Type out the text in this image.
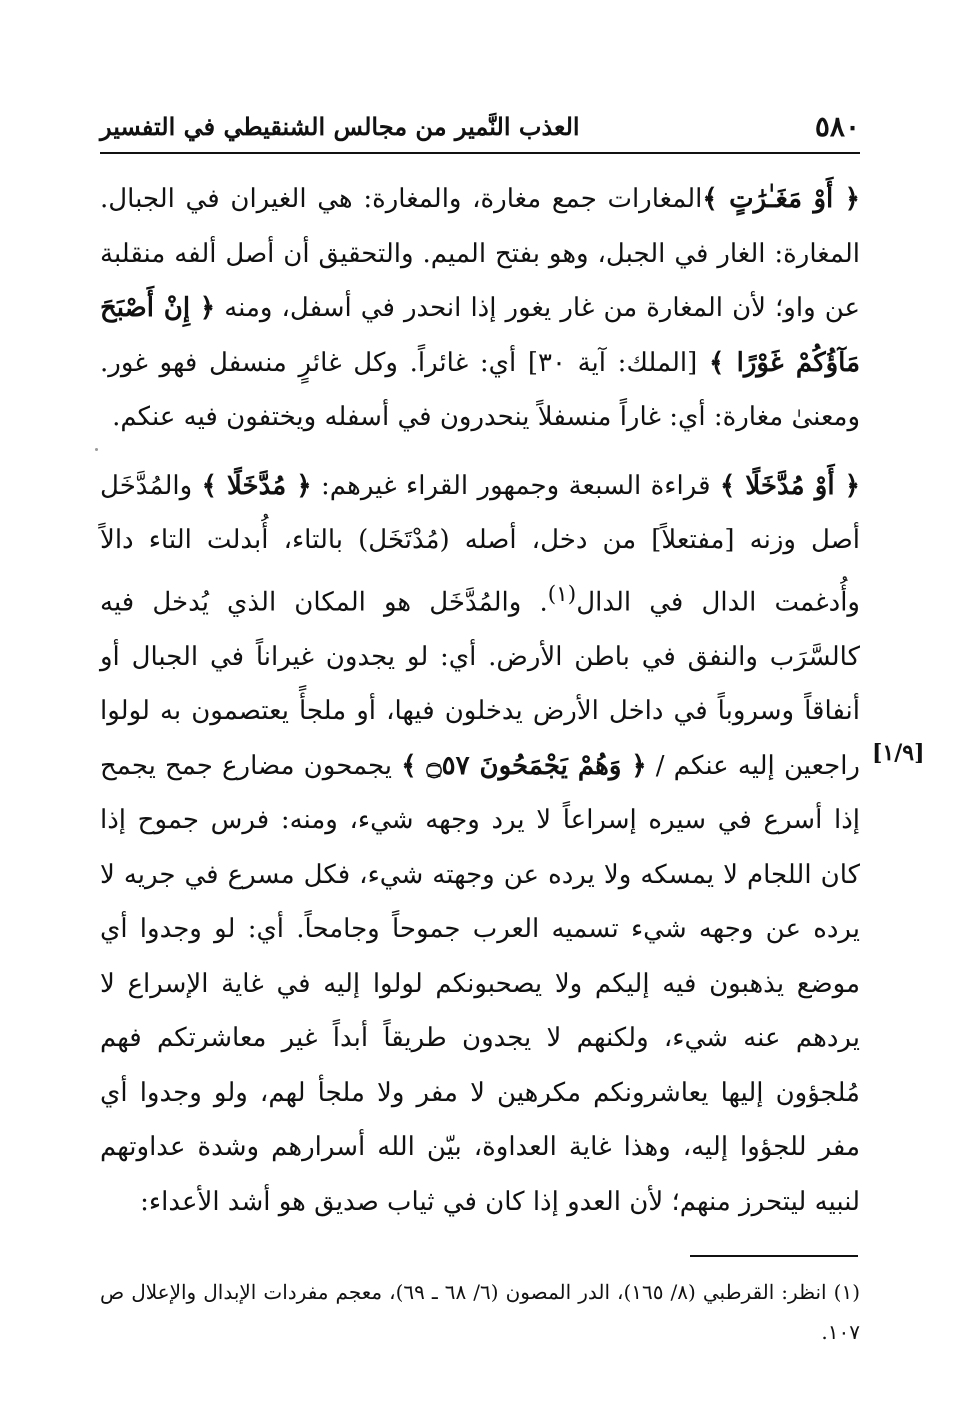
٥٨٠
العذب النَّمير من مجالس الشنقيطي في التفسير

﴿ أَوْ مَغَـٰرَٰتٍ ﴾المغارات جمع مغارة، والمغارة: هي الغيران في الجبال. المغارة: الغار في الجبل، وهو بفتح الميم. والتحقيق أن أصل ألفه منقلبة عن واو؛ لأن المغارة من غار يغور إذا انحدر في أسفل، ومنه ﴿ إِنْ أَصْبَحَ مَآؤُكُمْ غَوْرًا ﴾ [الملك: آية ٣٠] أي: غائراً. وكل غائرٍ منسفل فهو غور. ومعنىٰ مغارة: أي: غاراً منسفلاً ينحدرون في أسفله ويختفون فيه عنكم.

﴿ أَوْ مُدَّخَلًا ﴾ قراءة السبعة وجمهور القراء غيرهم: ﴿ مُدَّخَلًا ﴾ والمُدَّخَل أصل وزنه [مفتعلاً] من دخل، أصله (مُدْتَخَل) بالتاء، أُبدلت التاء دالاً وأُدغمت الدال في الدال$^{(١)}$. والمُدَّخَل هو المكان الذي يُدخل فيه كالسَّرَب والنفق في باطن الأرض. أي: لو يجدون غيراناً في الجبال أو أنفاقاً وسروباً في داخل الأرض يدخلون فيها، أو ملجأً يعتصمون به لولوا راجعين إليه عنكم / ﴿ وَهُمْ يَجْمَحُونَ ۝٥٧ ﴾ يجمحون مضارع جمح يجمح إذا أسرع في سيره إسراعاً لا يرد وجهه شيء، ومنه: فرس جموح إذا كان اللجام لا يمسكه ولا يرده عن وجهته شيء، فكل مسرع في جريه لا يرده عن وجهه شيء تسميه العرب جموحاً وجامحاً. أي: لو وجدوا أي موضع يذهبون فيه إليكم ولا يصحبونكم لولوا إليه في غاية الإسراع لا يردهم عنه شيء، ولكنهم لا يجدون طريقاً أبداً غير معاشرتكم فهم مُلجؤون إليها يعاشرونكم مكرهين لا مفر ولا ملجأ لهم، ولو وجدوا أي مفر للجؤوا إليه، وهذا غاية العداوة، بيّن الله أسرارهم وشدة عداوتهم لنبيه ليتحرز منهم؛ لأن العدو إذا كان في ثياب صديق هو أشد الأعداء:

[١/٩]
(١) انظر: القرطبي (٨/ ١٦٥)، الدر المصون (٦/ ٦٨ ـ ٦٩)، معجم مفردات الإبدال والإعلال ص ١٠٧.
